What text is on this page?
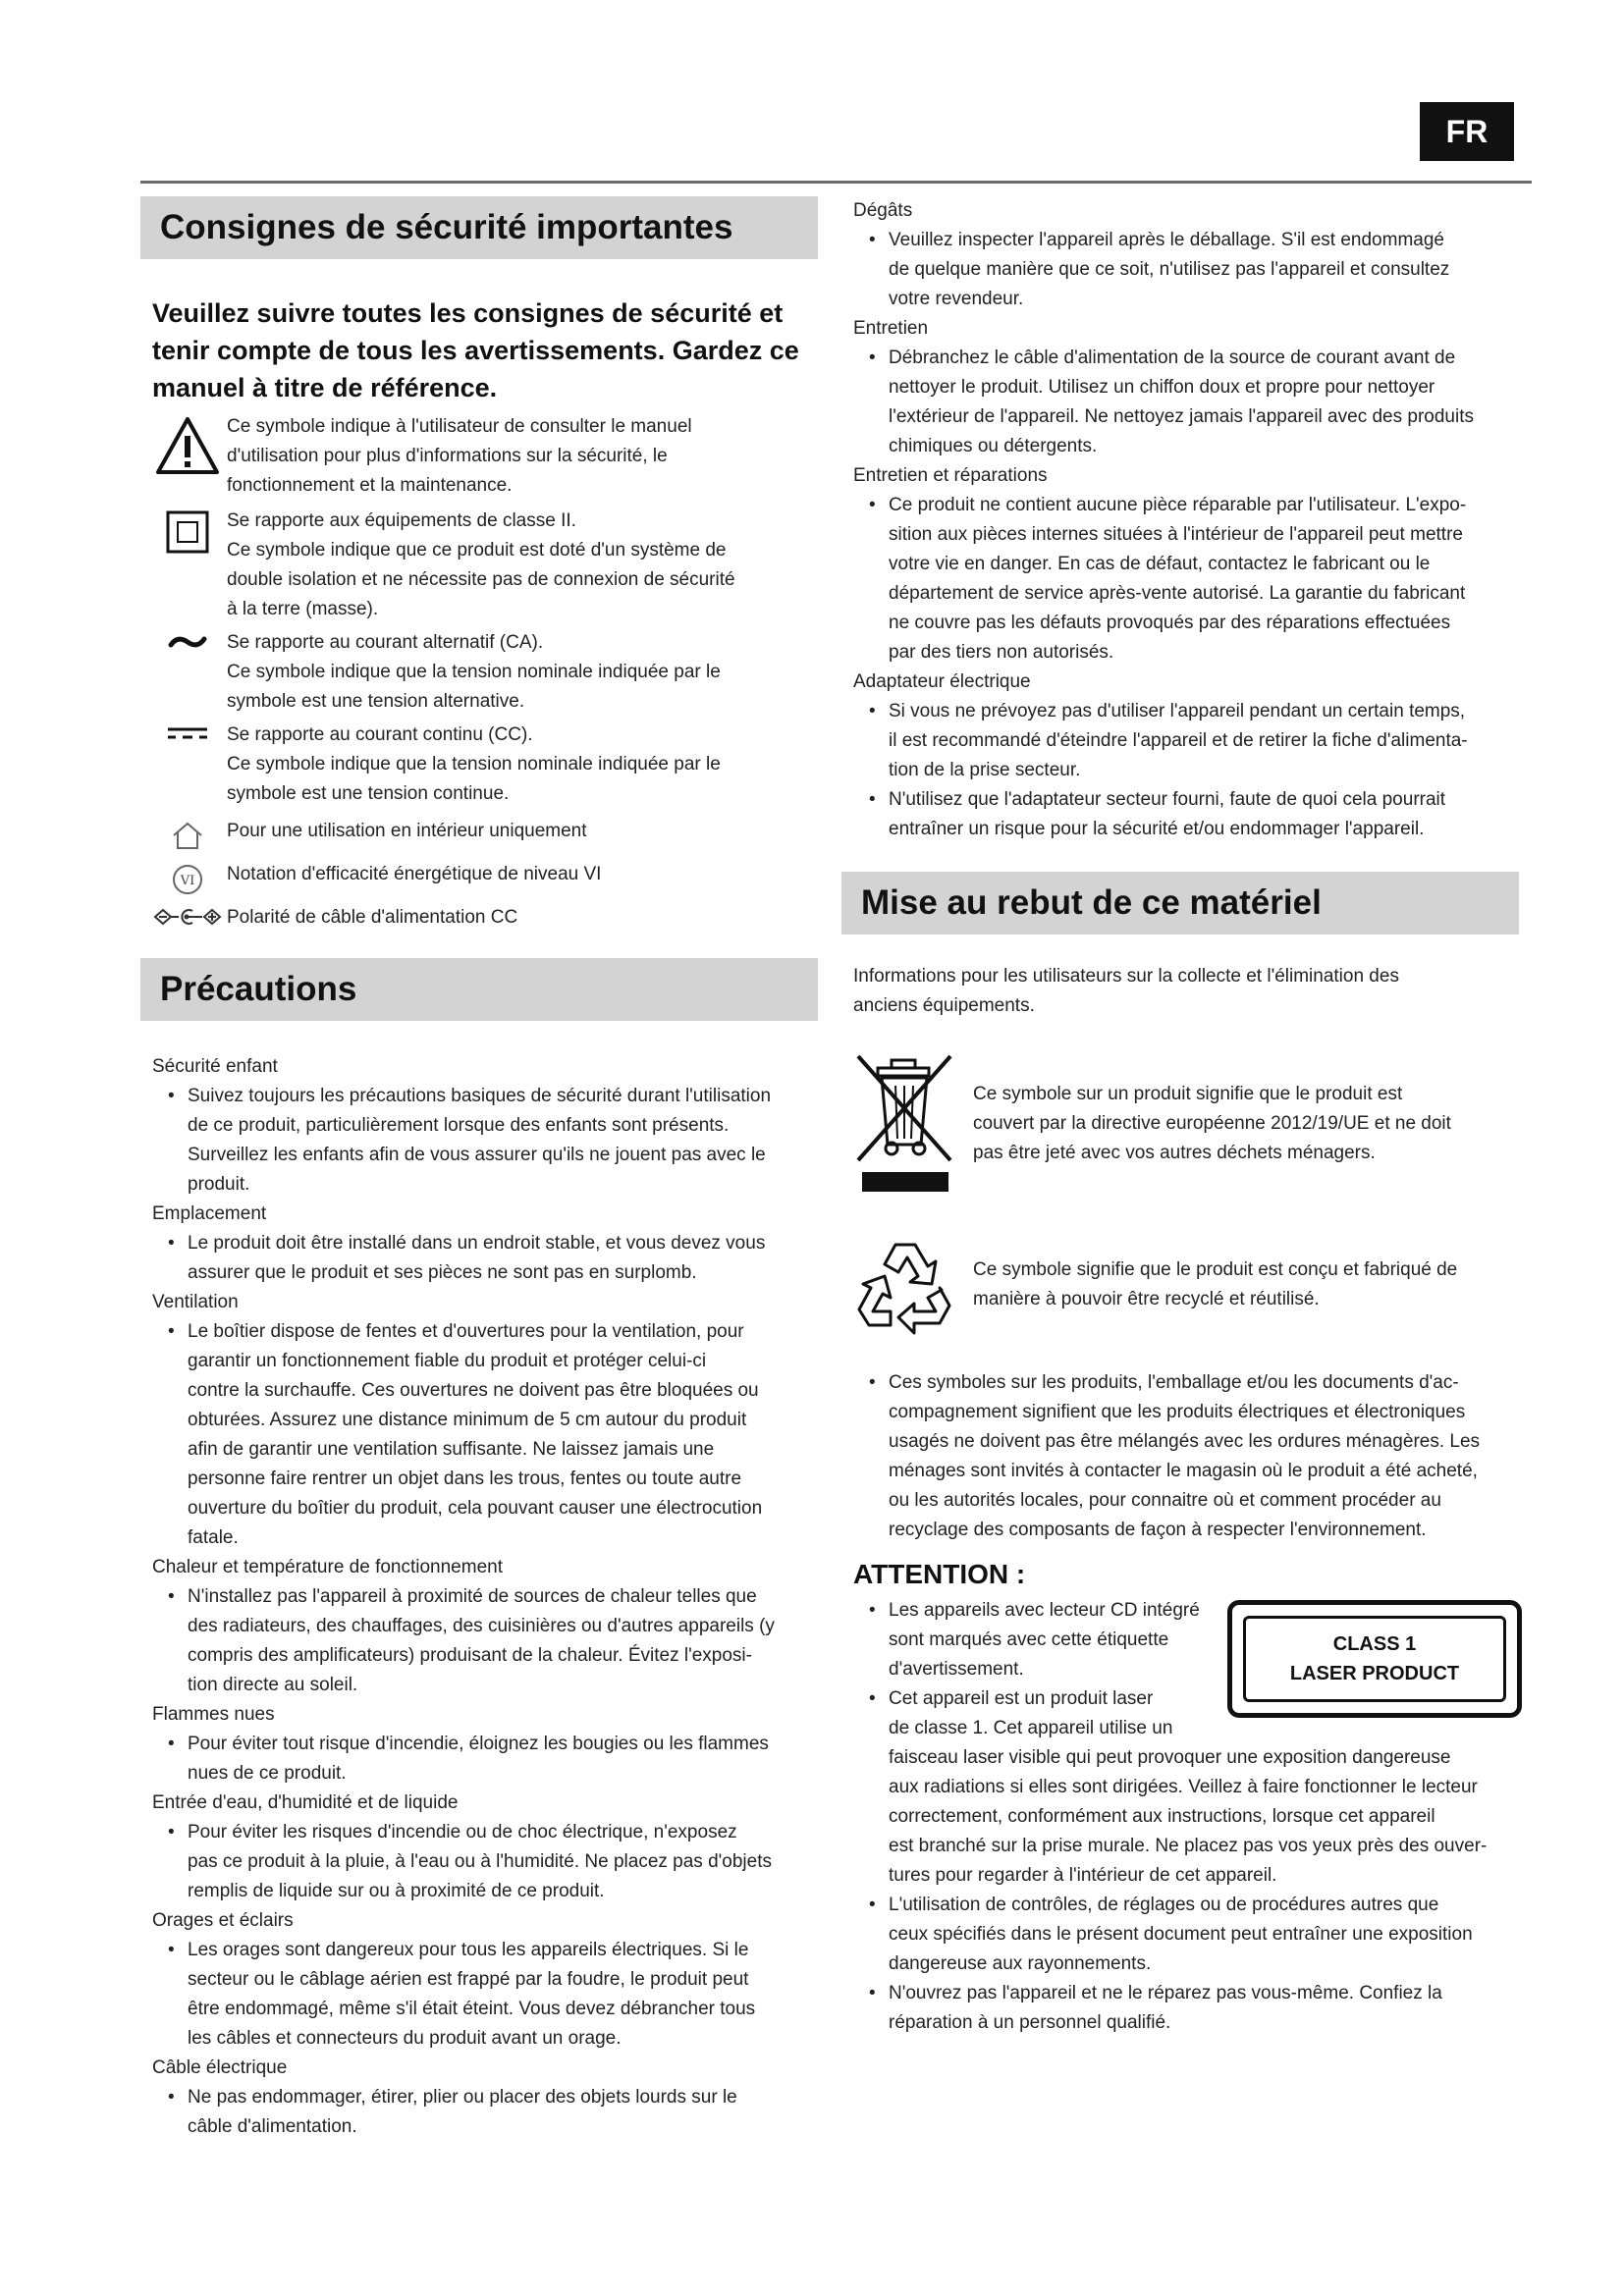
FR
Consignes de sécurité importantes
Veuillez suivre toutes les consignes de sécurité et tenir compte de tous les avertissements. Gardez ce manuel à titre de référence.
Ce symbole indique à l'utilisateur de consulter le manuel
d'utilisation pour plus d'informations sur la sécurité, le
fonctionnement et la maintenance.
Se rapporte aux équipements de classe II.
Ce symbole indique que ce produit est doté d'un système de
double isolation et ne nécessite pas de connexion de sécurité
à la terre (masse).
Se rapporte au courant alternatif (CA).
Ce symbole indique que la tension nominale indiquée par le
symbole est une tension alternative.
Se rapporte au courant continu (CC).
Ce symbole indique que la tension nominale indiquée par le
symbole est une tension continue.
Pour une utilisation en intérieur uniquement
VI Notation d'efficacité énergétique de niveau VI
Polarité de câble d'alimentation CC
Précautions
Sécurité enfant
• Suivez toujours les précautions basiques de sécurité durant l'utilisation
de ce produit, particulièrement lorsque des enfants sont présents.
Surveillez les enfants afin de vous assurer qu'ils ne jouent pas avec le
produit.
Emplacement
• Le produit doit être installé dans un endroit stable, et vous devez vous
assurer que le produit et ses pièces ne sont pas en surplomb.
Ventilation
• Le boîtier dispose de fentes et d'ouvertures pour la ventilation, pour
garantir un fonctionnement fiable du produit et protéger celui-ci
contre la surchauffe. Ces ouvertures ne doivent pas être bloquées ou
obturées. Assurez une distance minimum de 5 cm autour du produit
afin de garantir une ventilation suffisante. Ne laissez jamais une
personne faire rentrer un objet dans les trous, fentes ou toute autre
ouverture du boîtier du produit, cela pouvant causer une électrocution
fatale.
Chaleur et température de fonctionnement
• N'installez pas l'appareil à proximité de sources de chaleur telles que
des radiateurs, des chauffages, des cuisinières ou d'autres appareils (y
compris des amplificateurs) produisant de la chaleur. Évitez l'exposi-
tion directe au soleil.
Flammes nues
• Pour éviter tout risque d'incendie, éloignez les bougies ou les flammes
nues de ce produit.
Entrée d'eau, d'humidité et de liquide
• Pour éviter les risques d'incendie ou de choc électrique, n'exposez
pas ce produit à la pluie, à l'eau ou à l'humidité. Ne placez pas d'objets
remplis de liquide sur ou à proximité de ce produit.
Orages et éclairs
• Les orages sont dangereux pour tous les appareils électriques. Si le
secteur ou le câblage aérien est frappé par la foudre, le produit peut
être endommagé, même s'il était éteint. Vous devez débrancher tous
les câbles et connecteurs du produit avant un orage.
Câble électrique
• Ne pas endommager, étirer, plier ou placer des objets lourds sur le
câble d'alimentation.
Dégâts
• Veuillez inspecter l'appareil après le déballage. S'il est endommagé
de quelque manière que ce soit, n'utilisez pas l'appareil et consultez
votre revendeur.
Entretien
• Débranchez le câble d'alimentation de la source de courant avant de
nettoyer le produit. Utilisez un chiffon doux et propre pour nettoyer
l'extérieur de l'appareil. Ne nettoyez jamais l'appareil avec des produits
chimiques ou détergents.
Entretien et réparations
• Ce produit ne contient aucune pièce réparable par l'utilisateur. L'expo-
sition aux pièces internes situées à l'intérieur de l'appareil peut mettre
votre vie en danger. En cas de défaut, contactez le fabricant ou le
département de service après-vente autorisé. La garantie du fabricant
ne couvre pas les défauts provoqués par des réparations effectuées
par des tiers non autorisés.
Adaptateur électrique
• Si vous ne prévoyez pas d'utiliser l'appareil pendant un certain temps,
il est recommandé d'éteindre l'appareil et de retirer la fiche d'alimenta-
tion de la prise secteur.
• N'utilisez que l'adaptateur secteur fourni, faute de quoi cela pourrait
entraîner un risque pour la sécurité et/ou endommager l'appareil.
Mise au rebut de ce matériel
Informations pour les utilisateurs sur la collecte et l'élimination des
anciens équipements.
Ce symbole sur un produit signifie que le produit est
couvert par la directive européenne 2012/19/UE et ne doit
pas être jeté avec vos autres déchets ménagers.
Ce symbole signifie que le produit est conçu et fabriqué de
manière à pouvoir être recyclé et réutilisé.
• Ces symboles sur les produits, l'emballage et/ou les documents d'ac-
compagnement signifient que les produits électriques et électroniques
usagés ne doivent pas être mélangés avec les ordures ménagères. Les
ménages sont invités à contacter le magasin où le produit a été acheté,
ou les autorités locales, pour connaitre où et comment procéder au
recyclage des composants de façon à respecter l'environnement.
ATTENTION :
• Les appareils avec lecteur CD intégré
sont marqués avec cette étiquette
d'avertissement.
• Cet appareil est un produit laser
de classe 1. Cet appareil utilise un
faisceau laser visible qui peut provoquer une exposition dangereuse
aux radiations si elles sont dirigées. Veillez à faire fonctionner le lecteur
correctement, conformément aux instructions, lorsque cet appareil
est branché sur la prise murale. Ne placez pas vos yeux près des ouver-
tures pour regarder à l'intérieur de cet appareil.
• L'utilisation de contrôles, de réglages ou de procédures autres que
ceux spécifiés dans le présent document peut entraîner une exposition
dangereuse aux rayonnements.
• N'ouvrez pas l'appareil et ne le réparez pas vous-même. Confiez la
réparation à un personnel qualifié.
CLASS 1
LASER PRODUCT
